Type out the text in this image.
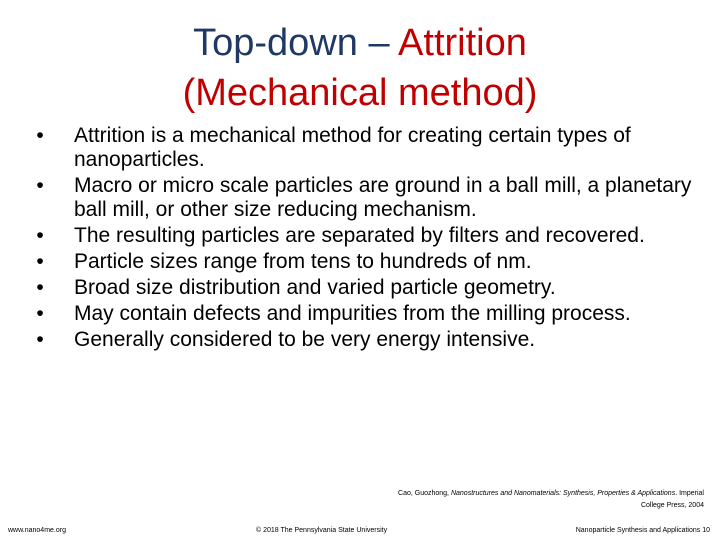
Top-down – Attrition
(Mechanical method)
•	Attrition is a mechanical method for creating certain types of nanoparticles.
•	Macro or micro scale particles are ground in a ball mill, a planetary ball mill, or other size reducing mechanism.
•	The resulting particles are separated by filters and recovered.
•	Particle sizes range from tens to hundreds of nm.
•	Broad size distribution and varied particle geometry.
•	May contain defects and impurities from the milling process.
•	Generally considered to be very energy intensive.
Cao, Guozhong, Nanostructures and Nanomaterials: Synthesis, Properties & Applications. Imperial College Press, 2004
www.nano4me.org	© 2018 The Pennsylvania State University	Nanoparticle Synthesis and Applications 10
